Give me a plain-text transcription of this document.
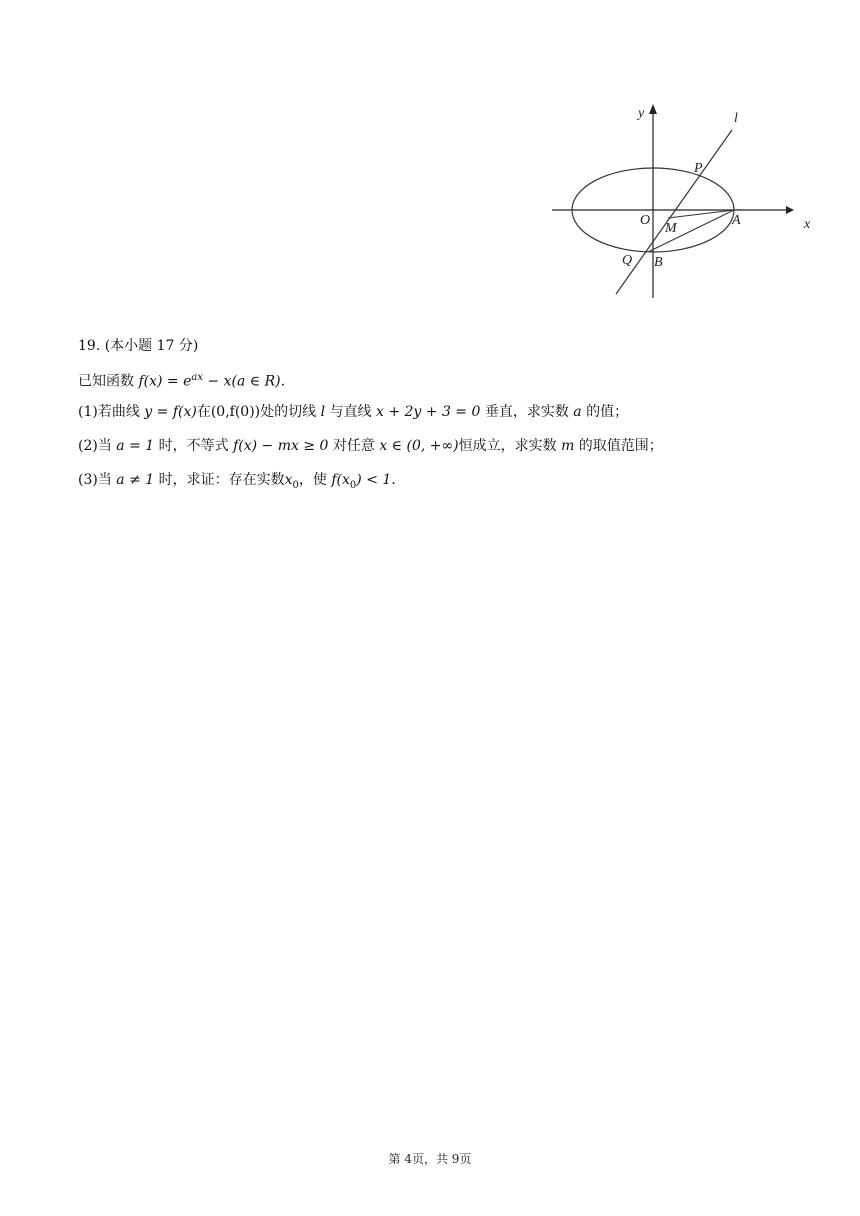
y
x
l
P
O
M
A
Q B
19. (本小题 17 分)
已知函数 $f(x) = e^{ax} - x(a$ ∈ R).
(1)若曲线 y = f(x)在(0,f(0))处的切线 l 与直线 x + 2y + 3 = 0 垂直，求实数 a 的值；
(2)当 a = 1 时，不等式 f(x) − mx ≥ 0 对任意 x ∈ (0, +∞)恒成立，求实数 m 的取值范围；
(3)当 a ≠ 1 时，求证：存在实数$x_0$，使 $f(x_0) < 1$.
第 4页，共 9页
